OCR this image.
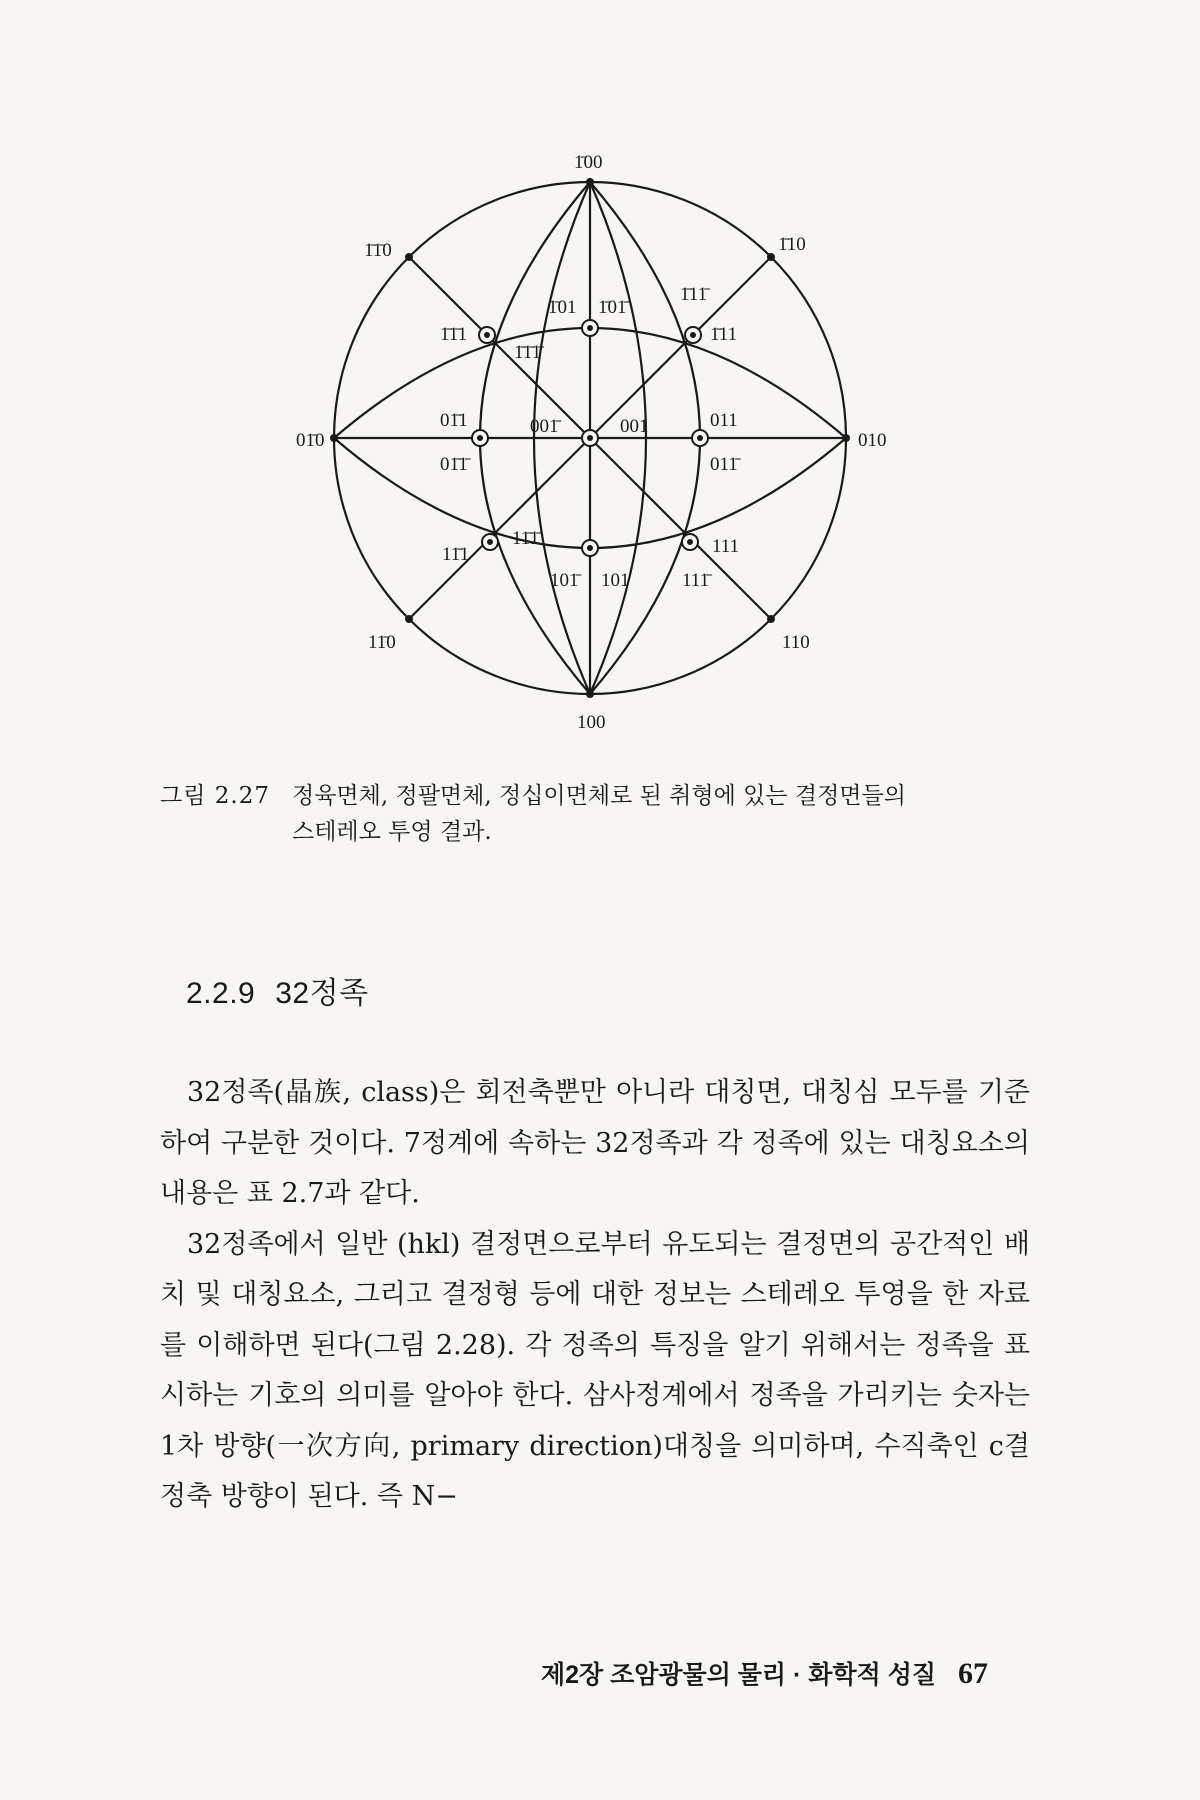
1̄00
100
01̄0	010
1̄1̄0	1̄10
11̄0	110
1̄01 1̄01̄
101̄ 101
01̄1
01̄1̄
011
011̄
001̄	001
1̄1̄1
1̄1̄1̄
1̄11̄
1̄11
11̄1
11̄1̄	111
111̄
그림 2.27 정육면체, 정팔면체, 정십이면체로 된 취형에 있는 결정면들의
스테레오 투영 결과.
2.2.9 32정족

32정족(晶族, class)은 회전축뿐만 아니라 대칭면, 대칭심 모두를 기준하여 구분한 것이다. 7정계에 속하는 32정족과 각 정족에 있는 대칭요소의 내용은 표 2.7과 같다.

32정족에서 일반 (hkl) 결정면으로부터 유도되는 결정면의 공간적인 배치 및 대칭요소, 그리고 결정형 등에 대한 정보는 스테레오 투영을 한 자료를 이해하면 된다(그림 2.28). 각 정족의 특징을 알기 위해서는 정족을 표시하는 기호의 의미를 알아야 한다. 삼사정계에서 정족을 가리키는 숫자는 1차 방향(一次方向, primary direction)대칭을 의미하며, 수직축인 c결정축 방향이 된다. 즉 N−

제2장 조암광물의 물리 · 화학적 성질 67
